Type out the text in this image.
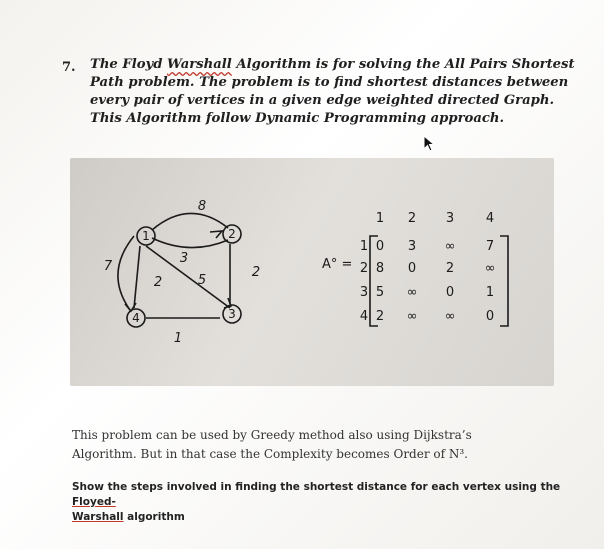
7. The Floyd Warshall Algorithm is for solving the All Pairs Shortest
Path problem. The problem is to find shortest distances between
every pair of vertices in a given edge weighted directed Graph.
This Algorithm follow Dynamic Programming approach.
1	2
3
4
8
3
2
5
2
7
1
A° =
1 2 3 4
1
2
3
4
0 3 ∞ 7
8 0 2 ∞
5 ∞ 0 1
2 ∞ ∞ 0
This problem can be used by Greedy method also using Dijkstra’s
Algorithm. But in that case the Complexity becomes Order of N³.
Show the steps involved in finding the shortest distance for each vertex using the Floyed-
Warshall algorithm
